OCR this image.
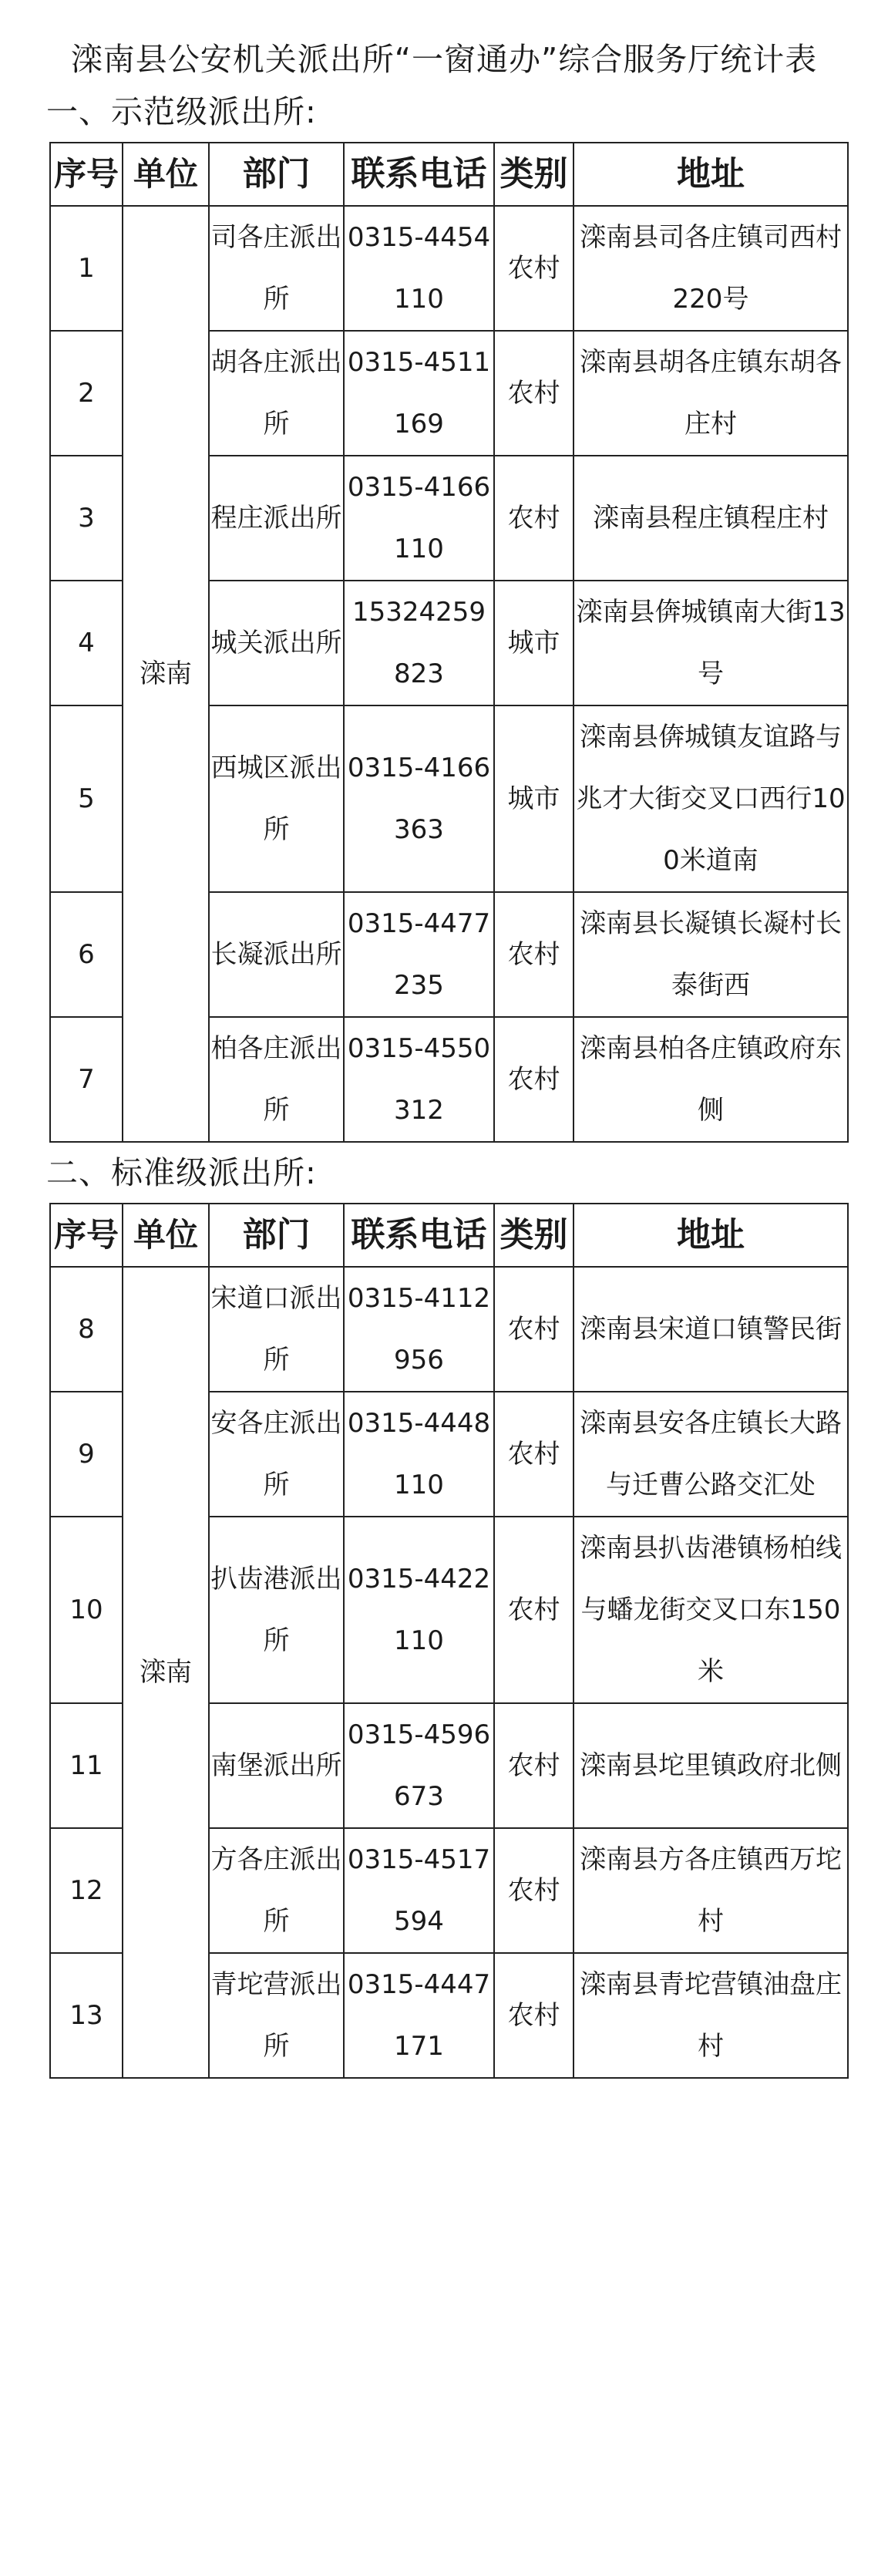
滦南县公安机关派出所“一窗通办”综合服务厅统计表
一、示范级派出所:
序号	单位	部门	联系电话	类别	地址
1	滦南	司各庄派出所	0315-4454110	农村	滦南县司各庄镇司西村220号
2		胡各庄派出所	0315-4511169	农村	滦南县胡各庄镇东胡各庄村
3		程庄派出所	0315-4166110	农村	滦南县程庄镇程庄村
4		城关派出所	15324259823	城市	滦南县倴城镇南大街13号
5		西城区派出所	0315-4166363	城市	滦南县倴城镇友谊路与兆才大街交叉口西行100米道南
6		长凝派出所	0315-4477235	农村	滦南县长凝镇长凝村长泰街西
7		柏各庄派出所	0315-4550312	农村	滦南县柏各庄镇政府东侧
二、标准级派出所:
序号	单位	部门	联系电话	类别	地址
8	滦南	宋道口派出所	0315-4112956	农村	滦南县宋道口镇警民街
9		安各庄派出所	0315-4448110	农村	滦南县安各庄镇长大路与迁曹公路交汇处
10		扒齿港派出所	0315-4422110	农村	滦南县扒齿港镇杨柏线与蟠龙街交叉口东150米
11		南堡派出所	0315-4596673	农村	滦南县坨里镇政府北侧
12		方各庄派出所	0315-4517594	农村	滦南县方各庄镇西万坨村
13		青坨营派出所	0315-4447171	农村	滦南县青坨营镇油盘庄村
